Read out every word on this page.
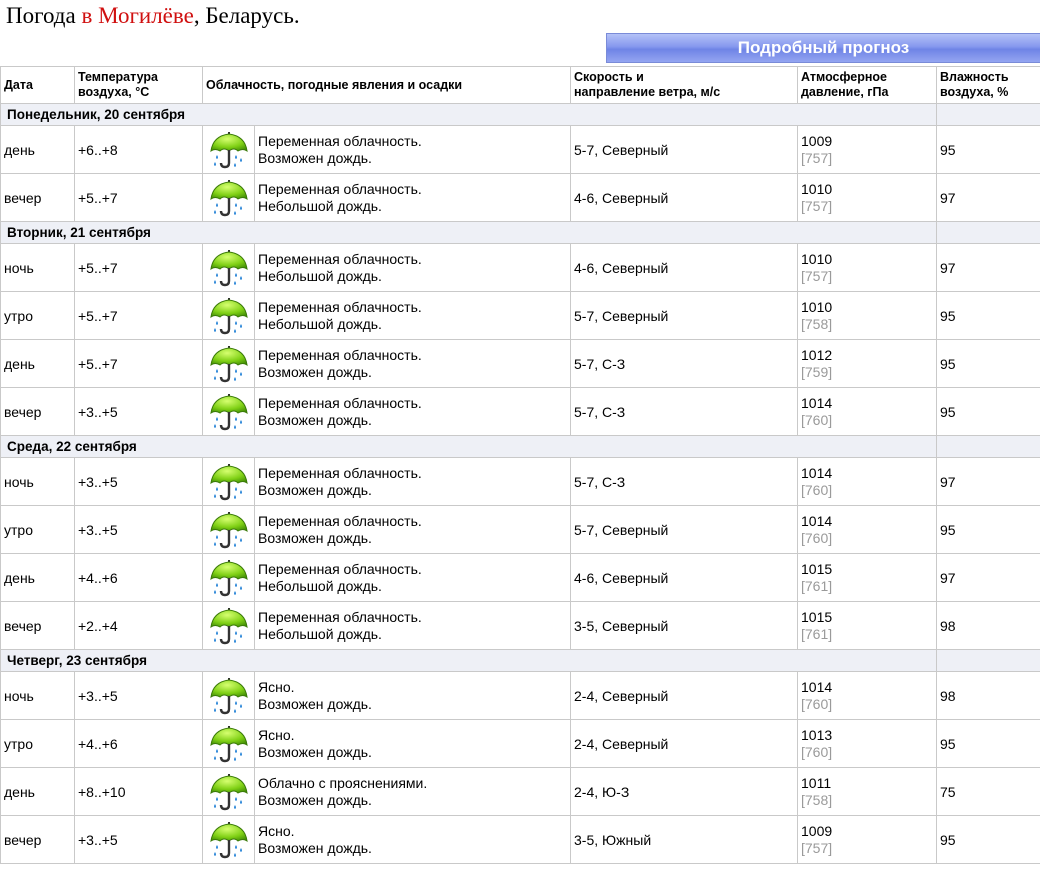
Погода в Могилёве, Беларусь.
Подробный прогноз
Дата	Температура
воздуха, °C	Облачность, погодные явления и осадки		Скорость и
направление ветра, м/с	Атмосферное
давление, гПа	Влажность
воздуха, %
Понедельник, 20 сентября						
день	+6..+8		Переменная облачность.
Возможен дождь.	5-7, Северный	1009
[757]	95
вечер	+5..+7		Переменная облачность.
Небольшой дождь.	4-6, Северный	1010
[757]	97
Вторник, 21 сентября						
ночь	+5..+7		Переменная облачность.
Небольшой дождь.	4-6, Северный	1010
[757]	97
утро	+5..+7		Переменная облачность.
Небольшой дождь.	5-7, Северный	1010
[758]	95
день	+5..+7		Переменная облачность.
Возможен дождь.	5-7, С-З	1012
[759]	95
вечер	+3..+5		Переменная облачность.
Возможен дождь.	5-7, С-З	1014
[760]	95
Среда, 22 сентября						
ночь	+3..+5		Переменная облачность.
Возможен дождь.	5-7, С-З	1014
[760]	97
утро	+3..+5		Переменная облачность.
Возможен дождь.	5-7, Северный	1014
[760]	95
день	+4..+6		Переменная облачность.
Небольшой дождь.	4-6, Северный	1015
[761]	97
вечер	+2..+4		Переменная облачность.
Небольшой дождь.	3-5, Северный	1015
[761]	98
Четверг, 23 сентября						
ночь	+3..+5		Ясно.
Возможен дождь.	2-4, Северный	1014
[760]	98
утро	+4..+6		Ясно.
Возможен дождь.	2-4, Северный	1013
[760]	95
день	+8..+10		Облачно с прояснениями.
Возможен дождь.	2-4, Ю-З	1011
[758]	75
вечер	+3..+5		Ясно.
Возможен дождь.	3-5, Южный	1009
[757]	95
